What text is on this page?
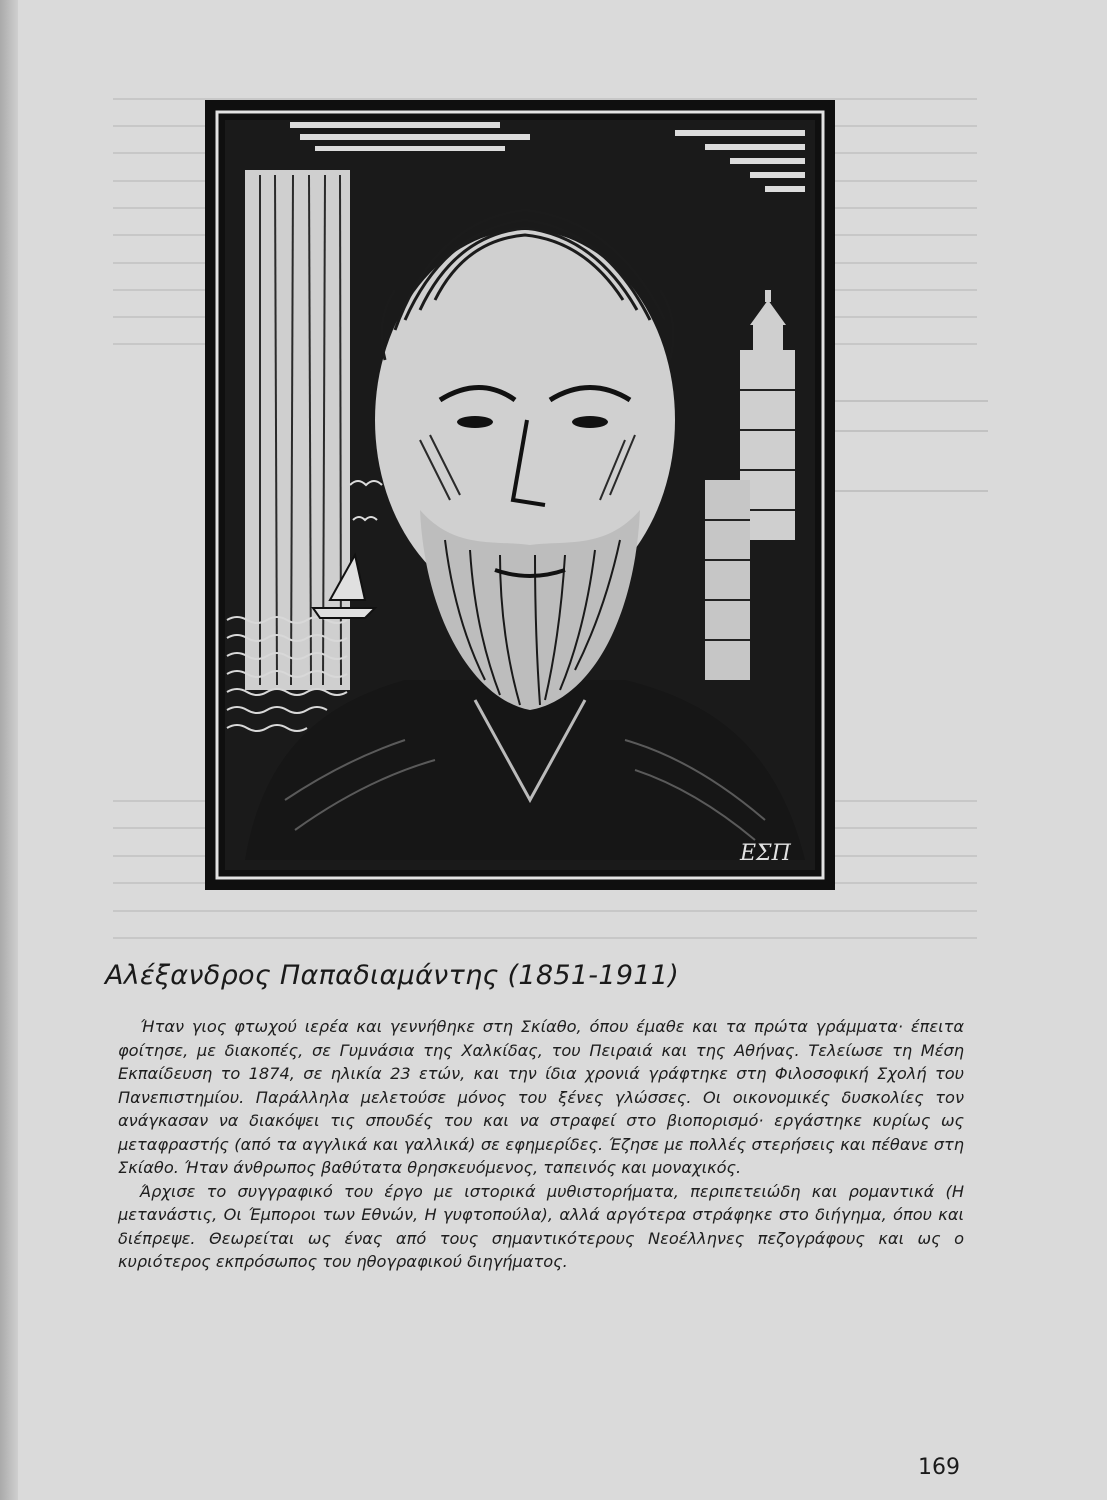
ΕΣΠ
Αλέξανδρος Παπαδιαμάντης (1851-1911)

Ήταν γιος φτωχού ιερέα και γεννήθηκε στη Σκίαθο, όπου έμαθε και τα πρώτα γράμματα· έπειτα φοίτησε, με διακοπές, σε Γυμνάσια της Χαλκίδας, του Πειραιά και της Αθήνας. Τελείωσε τη Μέση Εκπαίδευση το 1874, σε ηλικία 23 ετών, και την ίδια χρονιά γράφτηκε στη Φιλοσοφική Σχολή του Πανεπιστημίου. Παράλληλα μελετούσε μόνος του ξένες γλώσσες. Οι οικονομικές δυσκολίες τον ανάγκασαν να διακόψει τις σπουδές του και να στραφεί στο βιοπορισμό· εργάστηκε κυρίως ως μεταφραστής (από τα αγγλικά και γαλλικά) σε εφημερίδες. Έζησε με πολλές στερήσεις και πέθανε στη Σκίαθο. Ήταν άνθρωπος βαθύτατα θρησκευόμενος, ταπεινός και μοναχικός.

Άρχισε το συγγραφικό του έργο με ιστορικά μυθιστορήματα, περιπετειώδη και ρομαντικά (Η μετανάστις, Οι Έμποροι των Εθνών, Η γυφτοπούλα), αλλά αργότερα στράφηκε στο διήγημα, όπου και διέπρεψε. Θεωρείται ως ένας από τους σημαντικότερους Νεοέλληνες πεζογράφους και ως ο κυριότερος εκπρόσωπος του ηθογραφικού διηγήματος.

169
